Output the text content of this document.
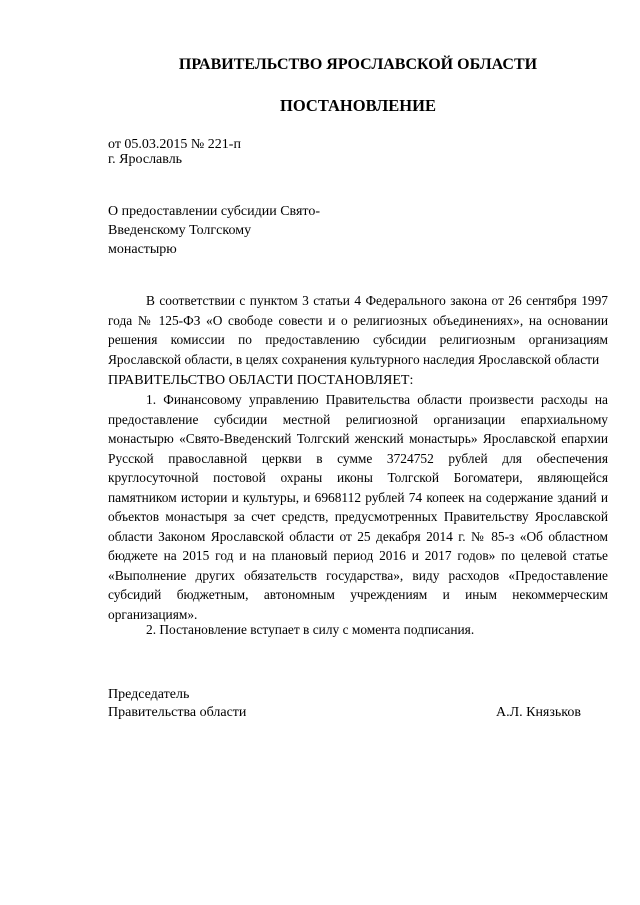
ПРАВИТЕЛЬСТВО ЯРОСЛАВСКОЙ ОБЛАСТИ
ПОСТАНОВЛЕНИЕ
от 05.03.2015 № 221-п
г. Ярославль
О предоставлении субсидии Свято-
Введенскому Толгскому
монастырю
В соответствии с пунктом 3 статьи 4 Федерального закона от 26 сентября 1997 года № 125-ФЗ «О свободе совести и о религиозных объединениях», на основании решения комиссии по предоставлению субсидии религиозным организациям Ярославской области, в целях сохранения культурного наследия Ярославской области
ПРАВИТЕЛЬСТВО ОБЛАСТИ ПОСТАНОВЛЯЕТ:
1. Финансовому управлению Правительства области произвести расходы на предоставление субсидии местной религиозной организации епархиальному монастырю «Свято-Введенский Толгский женский монастырь» Ярославской епархии Русской православной церкви в сумме 3724752 рублей для обеспечения круглосуточной постовой охраны иконы Толгской Богоматери, являющейся памятником истории и культуры, и 6968112 рублей 74 копеек на содержание зданий и объектов монастыря за счет средств, предусмотренных Правительству Ярославской области Законом Ярославской области от 25 декабря 2014 г. № 85-з «Об областном бюджете на 2015 год и на плановый период 2016 и 2017 годов» по целевой статье «Выполнение других обязательств государства», виду расходов «Предоставление субсидий бюджетным, автономным учреждениям и иным некоммерческим организациям».
2. Постановление вступает в силу с момента подписания.
Председатель
Правительства области	А.Л. Князьков
